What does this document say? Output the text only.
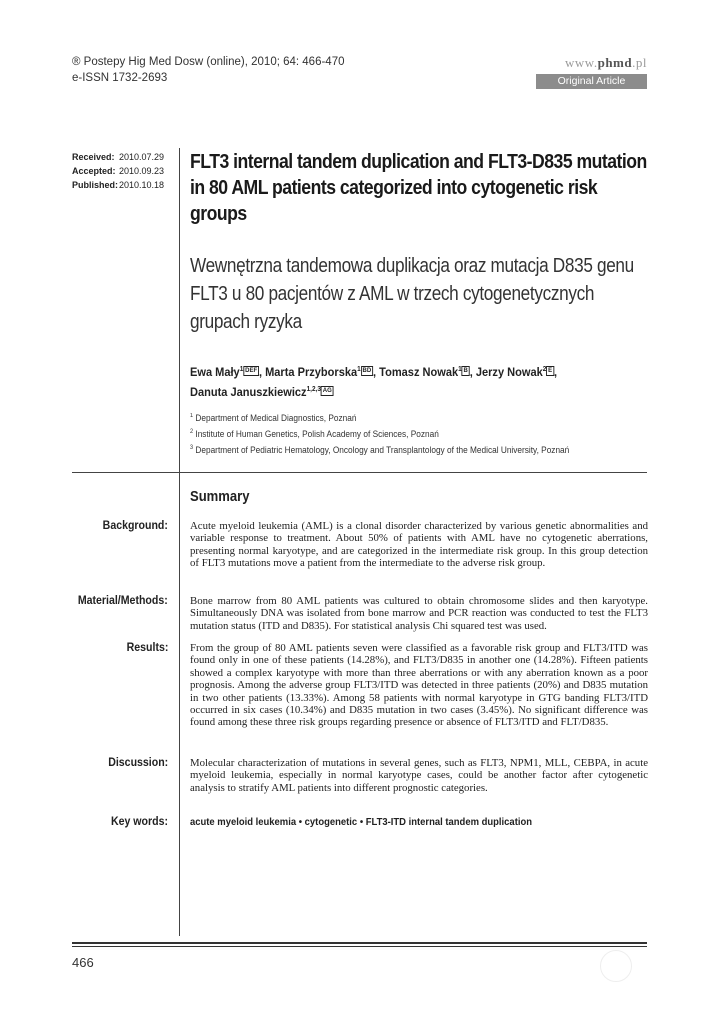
® Postepy Hig Med Dosw (online), 2010; 64: 466-470
e-ISSN 1732-2693
www.phmd.pl
Original Article
Received: 2010.07.29
Accepted: 2010.09.23
Published: 2010.10.18
FLT3 internal tandem duplication and FLT3-D835 mutation in 80 AML patients categorized into cytogenetic risk groups
Wewnętrzna tandemowa duplikacja oraz mutacja D835 genu FLT3 u 80 pacjentów z AML w trzech cytogenetycznych grupach ryzyka
Ewa Mały$^1$ DEF , Marta Przyborska$^1$ BD , Tomasz Nowak$^1$ B , Jerzy Nowak$^2$ E ,
Danuta Januszkiewicz$^{1,2,3}$ AG
$^1$ Department of Medical Diagnostics, Poznań
$^2$ Institute of Human Genetics, Polish Academy of Sciences, Poznań
$^3$ Department of Pediatric Hematology, Oncology and Transplantology of the Medical University, Poznań
Summary
Background: Acute myeloid leukemia (AML) is a clonal disorder characterized by various genetic abnormalities and variable response to treatment. About 50% of patients with AML have no cytogenetic aberrations, presenting normal karyotype, and are categorized in the intermediate risk group. In this group detection of FLT3 mutations move a patient from the intermediate to the adverse risk group.
Material/Methods: Bone marrow from 80 AML patients was cultured to obtain chromosome slides and then karyotype. Simultaneously DNA was isolated from bone marrow and PCR reaction was conducted to test the FLT3 mutation status (ITD and D835). For statistical analysis Chi squared test was used.
Results: From the group of 80 AML patients seven were classified as a favorable risk group and FLT3/ITD was found only in one of these patients (14.28%), and FLT3/D835 in another one (14.28%). Fifteen patients showed a complex karyotype with more than three aberrations or with any aberration known as a poor prognosis. Among the adverse group FLT3/ITD was detected in three patients (20%) and D835 mutation in two other patients (13.33%). Among 58 patients with normal karyotype in GTG banding FLT3/ITD occurred in six cases (10.34%) and D835 mutation in two cases (3.45%). No significant difference was found among these three risk groups regarding presence or absence of FLT3/ITD and FLT/D835.
Discussion: Molecular characterization of mutations in several genes, such as FLT3, NPM1, MLL, CEBPA, in acute myeloid leukemia, especially in normal karyotype cases, could be another factor after cytogenetic analysis to stratify AML patients into different prognostic categories.
Key words: acute myeloid leukemia • cytogenetic • FLT3-ITD internal tandem duplication
466
